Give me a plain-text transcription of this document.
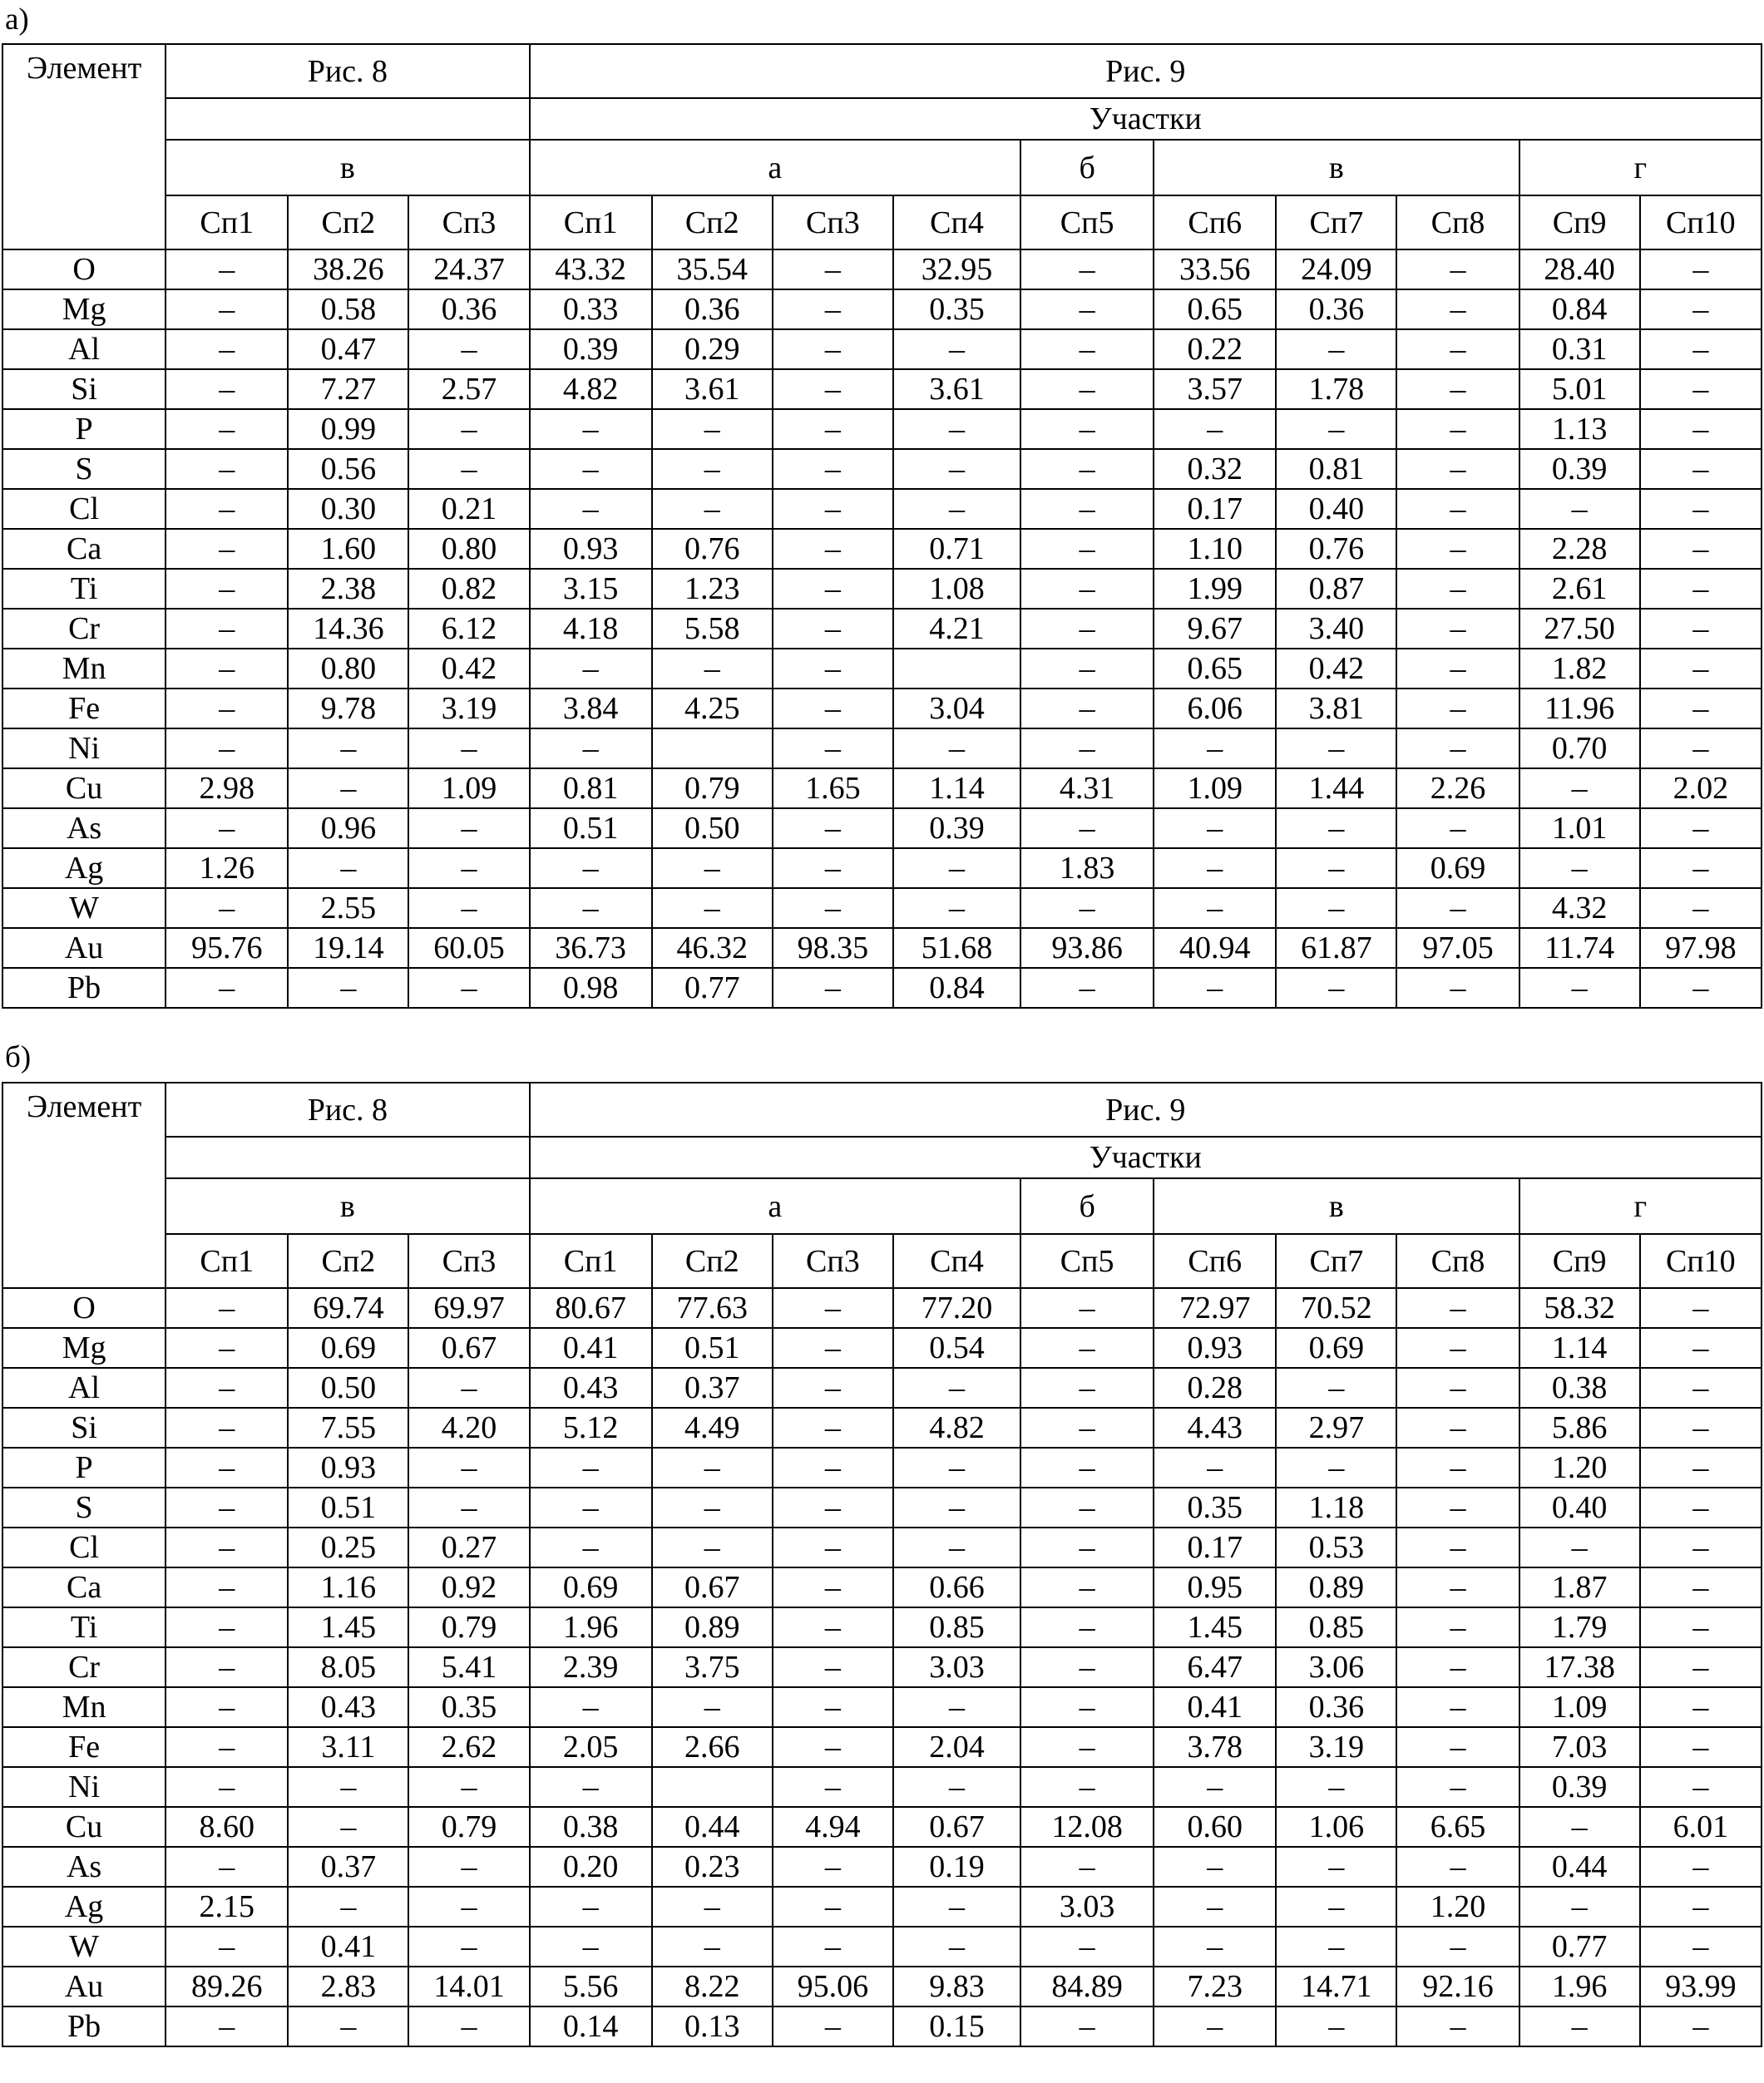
а)
Элемент	Рис. 8			Рис. 9									
				Участки									
	в			а				б	в			г	
	Сп1	Сп2	Сп3	Сп1	Сп2	Сп3	Сп4	Сп5	Сп6	Сп7	Сп8	Сп9	Сп10
O	–	38.26	24.37	43.32	35.54	–	32.95	–	33.56	24.09	–	28.40	–
Mg	–	0.58	0.36	0.33	0.36	–	0.35	–	0.65	0.36	–	0.84	–
Al	–	0.47	–	0.39	0.29	–	–	–	0.22	–	–	0.31	–
Si	–	7.27	2.57	4.82	3.61	–	3.61	–	3.57	1.78	–	5.01	–
P	–	0.99	–	–	–	–	–	–	–	–	–	1.13	–
S	–	0.56	–	–	–	–	–	–	0.32	0.81	–	0.39	–
Cl	–	0.30	0.21	–	–	–	–	–	0.17	0.40	–	–	–
Ca	–	1.60	0.80	0.93	0.76	–	0.71	–	1.10	0.76	–	2.28	–
Ti	–	2.38	0.82	3.15	1.23	–	1.08	–	1.99	0.87	–	2.61	–
Cr	–	14.36	6.12	4.18	5.58	–	4.21	–	9.67	3.40	–	27.50	–
Mn	–	0.80	0.42	–	–	–		–	0.65	0.42	–	1.82	–
Fe	–	9.78	3.19	3.84	4.25	–	3.04	–	6.06	3.81	–	11.96	–
Ni	–	–	–	–		–	–	–	–	–	–	0.70	–
Cu	2.98	–	1.09	0.81	0.79	1.65	1.14	4.31	1.09	1.44	2.26	–	2.02
As	–	0.96	–	0.51	0.50	–	0.39	–	–	–	–	1.01	–
Ag	1.26	–	–	–	–	–	–	1.83	–	–	0.69	–	–
W	–	2.55	–	–	–	–	–	–	–	–	–	4.32	–
Au	95.76	19.14	60.05	36.73	46.32	98.35	51.68	93.86	40.94	61.87	97.05	11.74	97.98
Pb	–	–	–	0.98	0.77	–	0.84	–	–	–	–	–	–
б)
Элемент	Рис. 8			Рис. 9									
				Участки									
	в			а				б	в			г	
	Сп1	Сп2	Сп3	Сп1	Сп2	Сп3	Сп4	Сп5	Сп6	Сп7	Сп8	Сп9	Сп10
O	–	69.74	69.97	80.67	77.63	–	77.20	–	72.97	70.52	–	58.32	–
Mg	–	0.69	0.67	0.41	0.51	–	0.54	–	0.93	0.69	–	1.14	–
Al	–	0.50	–	0.43	0.37	–	–	–	0.28	–	–	0.38	–
Si	–	7.55	4.20	5.12	4.49	–	4.82	–	4.43	2.97	–	5.86	–
P	–	0.93	–	–	–	–	–	–	–	–	–	1.20	–
S	–	0.51	–	–	–	–	–	–	0.35	1.18	–	0.40	–
Cl	–	0.25	0.27	–	–	–	–	–	0.17	0.53	–	–	–
Ca	–	1.16	0.92	0.69	0.67	–	0.66	–	0.95	0.89	–	1.87	–
Ti	–	1.45	0.79	1.96	0.89	–	0.85	–	1.45	0.85	–	1.79	–
Cr	–	8.05	5.41	2.39	3.75	–	3.03	–	6.47	3.06	–	17.38	–
Mn	–	0.43	0.35	–	–	–	–	–	0.41	0.36	–	1.09	–
Fe	–	3.11	2.62	2.05	2.66	–	2.04	–	3.78	3.19	–	7.03	–
Ni	–	–	–	–		–	–	–	–	–	–	0.39	–
Cu	8.60	–	0.79	0.38	0.44	4.94	0.67	12.08	0.60	1.06	6.65	–	6.01
As	–	0.37	–	0.20	0.23	–	0.19	–	–	–	–	0.44	–
Ag	2.15	–	–	–	–	–	–	3.03	–	–	1.20	–	–
W	–	0.41	–	–	–	–	–	–	–	–	–	0.77	–
Au	89.26	2.83	14.01	5.56	8.22	95.06	9.83	84.89	7.23	14.71	92.16	1.96	93.99
Pb	–	–	–	0.14	0.13	–	0.15	–	–	–	–	–	–
